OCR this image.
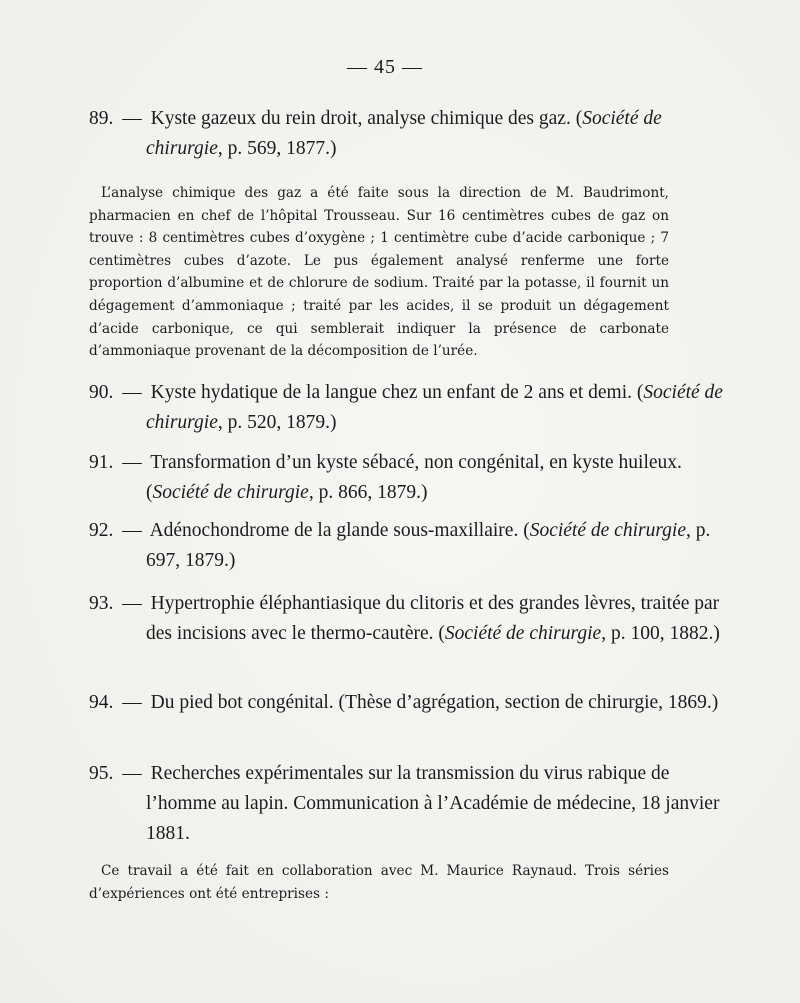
— 45 —

89. — Kyste gazeux du rein droit, analyse chimique des gaz. (Société de chirurgie, p. 569, 1877.)

L’analyse chimique des gaz a été faite sous la direction de M. Baudrimont, pharmacien en chef de l’hôpital Trousseau. Sur 16 centimètres cubes de gaz on trouve : 8 centimètres cubes d’oxygène ; 1 centimètre cube d’acide carbonique ; 7 centimètres cubes d’azote. Le pus également analysé renferme une forte proportion d’albumine et de chlorure de sodium. Traité par la potasse, il fournit un dégagement d’ammoniaque ; traité par les acides, il se produit un dégagement d’acide carbonique, ce qui semblerait indiquer la présence de carbonate d’ammoniaque provenant de la décomposition de l’urée.

90. — Kyste hydatique de la langue chez un enfant de 2 ans et demi. (Société de chirurgie, p. 520, 1879.)

91. — Transformation d’un kyste sébacé, non congénital, en kyste huileux. (Société de chirurgie, p. 866, 1879.)

92. — Adénochondrome de la glande sous-maxillaire. (Société de chirurgie, p. 697, 1879.)

93. — Hypertrophie éléphantiasique du clitoris et des grandes lèvres, traitée par des incisions avec le thermo-cautère. (Société de chirurgie, p. 100, 1882.)

94. — Du pied bot congénital. (Thèse d’agrégation, section de chirurgie, 1869.)

95. — Recherches expérimentales sur la transmission du virus rabique de l’homme au lapin. Communication à l’Académie de médecine, 18 janvier 1881.

Ce travail a été fait en collaboration avec M. Maurice Raynaud. Trois séries d’expériences ont été entreprises :
